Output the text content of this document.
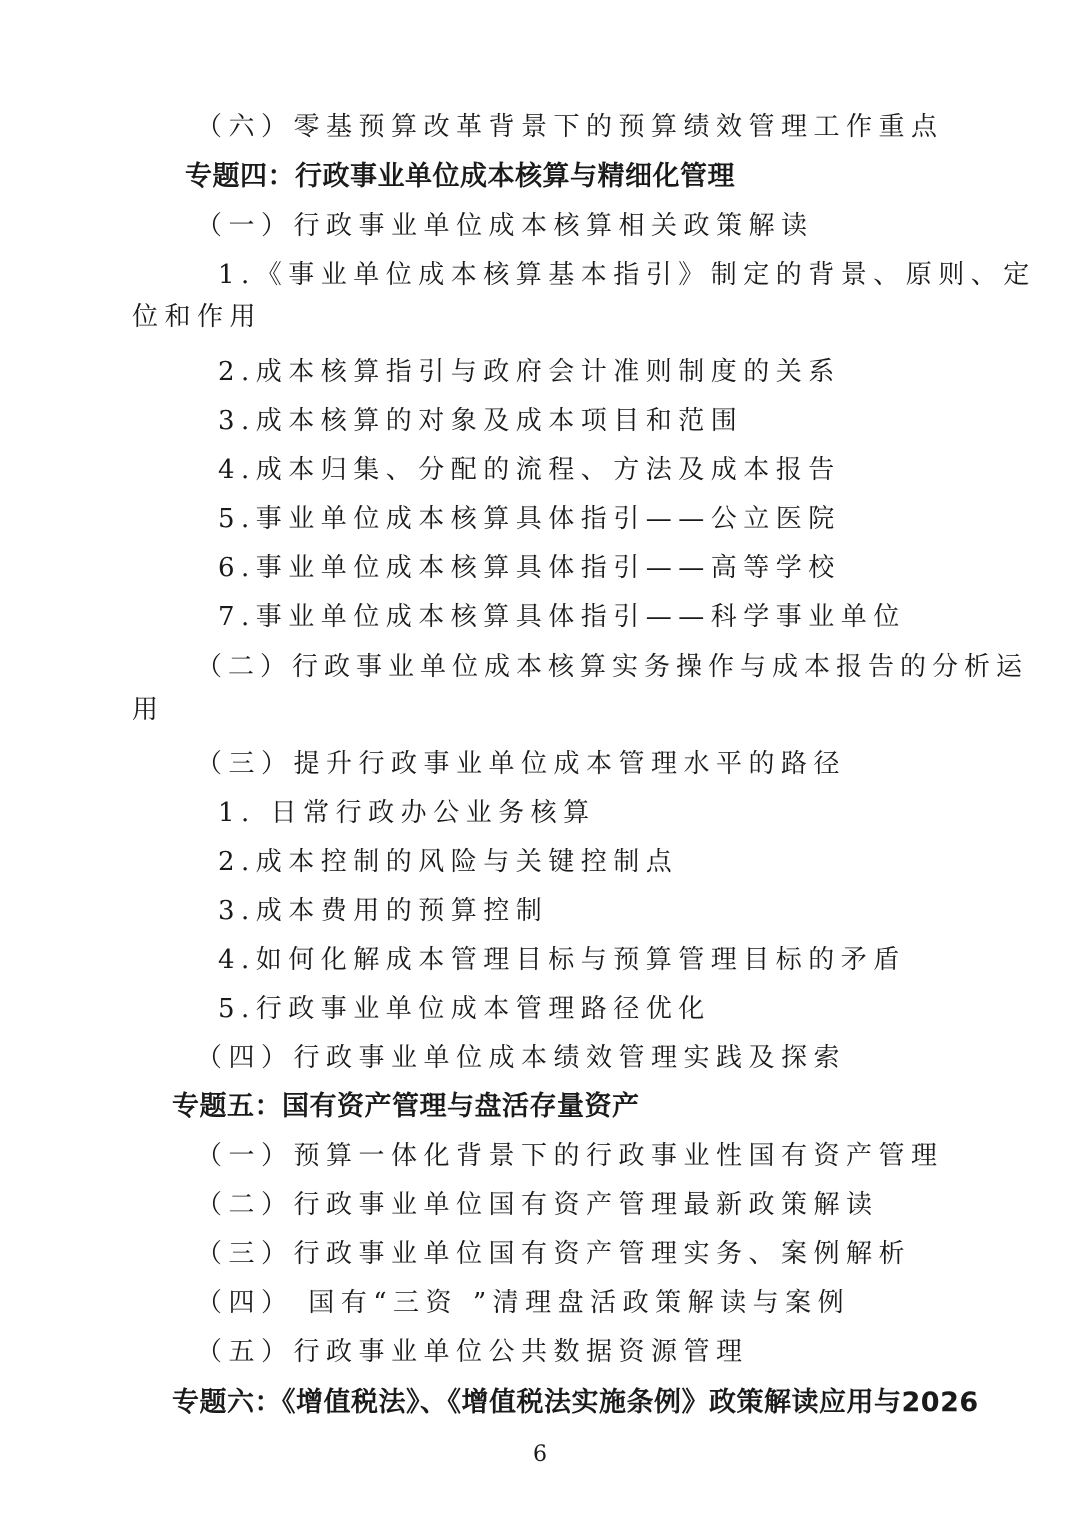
（六）零基预算改革背景下的预算绩效管理工作重点
专题四：行政事业单位成本核算与精细化管理
（一）行政事业单位成本核算相关政策解读
1.《事业单位成本核算基本指引》制定的背景、原则、定
位和作用
2.成本核算指引与政府会计准则制度的关系
3.成本核算的对象及成本项目和范围
4.成本归集、分配的流程、方法及成本报告
5.事业单位成本核算具体指引——公立医院
6.事业单位成本核算具体指引——高等学校
7.事业单位成本核算具体指引——科学事业单位
（二）行政事业单位成本核算实务操作与成本报告的分析运
用
（三）提升行政事业单位成本管理水平的路径
1. 日常行政办公业务核算
2.成本控制的风险与关键控制点
3.成本费用的预算控制
4.如何化解成本管理目标与预算管理目标的矛盾
5.行政事业单位成本管理路径优化
（四）行政事业单位成本绩效管理实践及探索
专题五：国有资产管理与盘活存量资产
（一）预算一体化背景下的行政事业性国有资产管理
（二）行政事业单位国有资产管理最新政策解读
（三）行政事业单位国有资产管理实务、案例解析
（四） 国有“三资 ”清理盘活政策解读与案例
（五）行政事业单位公共数据资源管理
专题六：《增值税法》、《增值税法实施条例》政策解读应用与2026
6
